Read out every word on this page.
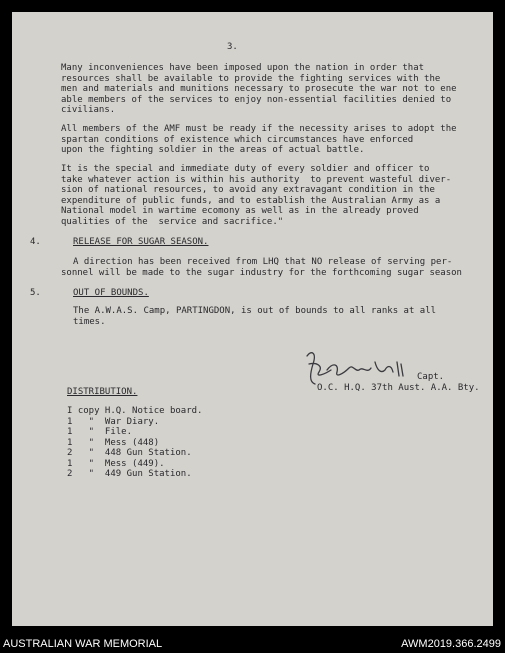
3.
Many inconveniences have been imposed upon the nation in order that
resources shall be available to provide the fighting services with the
men and materials and munitions necessary to prosecute the war not to ene
able members of the services to enjoy non-essential facilities denied to
civilians.
All members of the AMF must be ready if the necessity arises to adopt the
spartan conditions of existence which circumstances have enforced
upon the fighting soldier in the areas of actual battle.
It is the special and immediate duty of every soldier and officer to
take whatever action is within his authority  to prevent wasteful diver-
sion of national resources, to avoid any extravagant condition in the
expenditure of public funds, and to establish the Australian Army as a
National model in wartime ecomony as well as in the already proved
qualities of the  service and sacrifice."
4.	RELEASE FOR SUGAR SEASON.
A direction has been received from LHQ that NO release of serving per-
sonnel will be made to the sugar industry for the forthcoming sugar season
5.	OUT OF BOUNDS.
The A.W.A.S. Camp, PARTINGDON, is out of bounds to all ranks at all
times.
Capt.
O.C. H.Q. 37th Aust. A.A. Bty.
DISTRIBUTION.
I copy H.Q. Notice board.
1   "  War Diary.
1   "  File.
1   "  Mess (448)
2   "  448 Gun Station.
1   "  Mess (449).
2   "  449 Gun Station.
AUSTRALIAN WAR MEMORIAL	AWM2019.366.2499
